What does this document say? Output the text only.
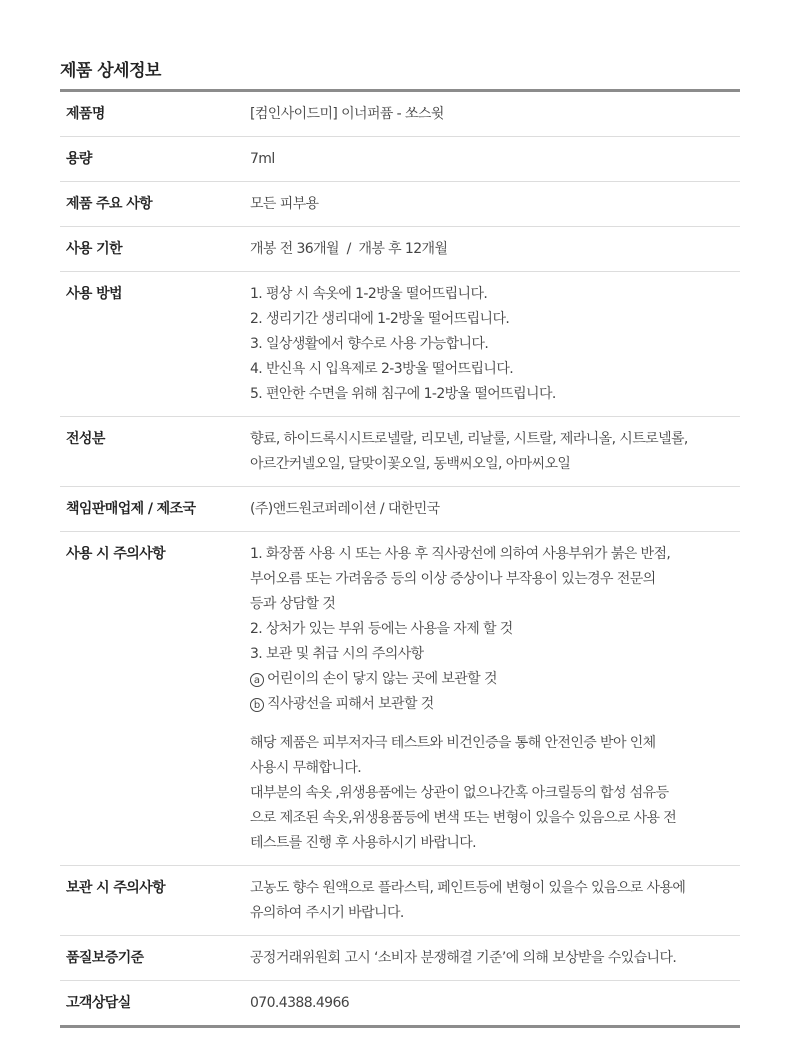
제품 상세정보
제품명	[컴인사이드미] 이너퍼퓸 - 쏘스윗
용량	7ml
제품 주요 사항	모든 피부용
사용 기한	개봉 전 36개월  /  개봉 후 12개월
사용 방법	1. 평상 시 속옷에 1-2방울 떨어뜨립니다.
2. 생리기간 생리대에 1-2방울 떨어뜨립니다.
3. 일상생활에서 향수로 사용 가능합니다.
4. 반신욕 시 입욕제로 2-3방울 떨어뜨립니다.
5. 편안한 수면을 위해 침구에 1-2방울 떨어뜨립니다.
전성분	향료, 하이드록시시트로넬랄, 리모넨, 리날룰, 시트랄, 제라니올, 시트로넬롤,
아르간커넬오일, 달맞이꽃오일, 동백씨오일, 아마씨오일
책임판매업제 / 제조국	(주)앤드원코퍼레이션 / 대한민국
사용 시 주의사항	1. 화장품 사용 시 또는 사용 후 직사광선에 의하여 사용부위가 붉은 반점,
부어오름 또는 가려움증 등의 이상 증상이나 부작용이 있는경우 전문의
등과 상담할 것
2. 상처가 있는 부위 등에는 사용을 자제 할 것
3. 보관 및 취급 시의 주의사항
a 어린이의 손이 닿지 않는 곳에 보관할 것
b 직사광선을 피해서 보관할 것
해당 제품은 피부저자극 테스트와 비건인증을 통해 안전인증 받아 인체
사용시 무해합니다.
대부분의 속옷 ,위생용품에는 상관이 없으나간혹 아크릴등의 합성 섬유등
으로 제조된 속옷,위생용품등에 변색 또는 변형이 있을수 있음으로 사용 전
테스트를 진행 후 사용하시기 바랍니다.
보관 시 주의사항	고농도 향수 원액으로 플라스틱, 페인트등에 변형이 있을수 있음으로 사용에
유의하여 주시기 바랍니다.
품질보증기준	공정거래위원회 고시 ‘소비자 분쟁해결 기준’에 의해 보상받을 수있습니다.
고객상담실	070.4388.4966
